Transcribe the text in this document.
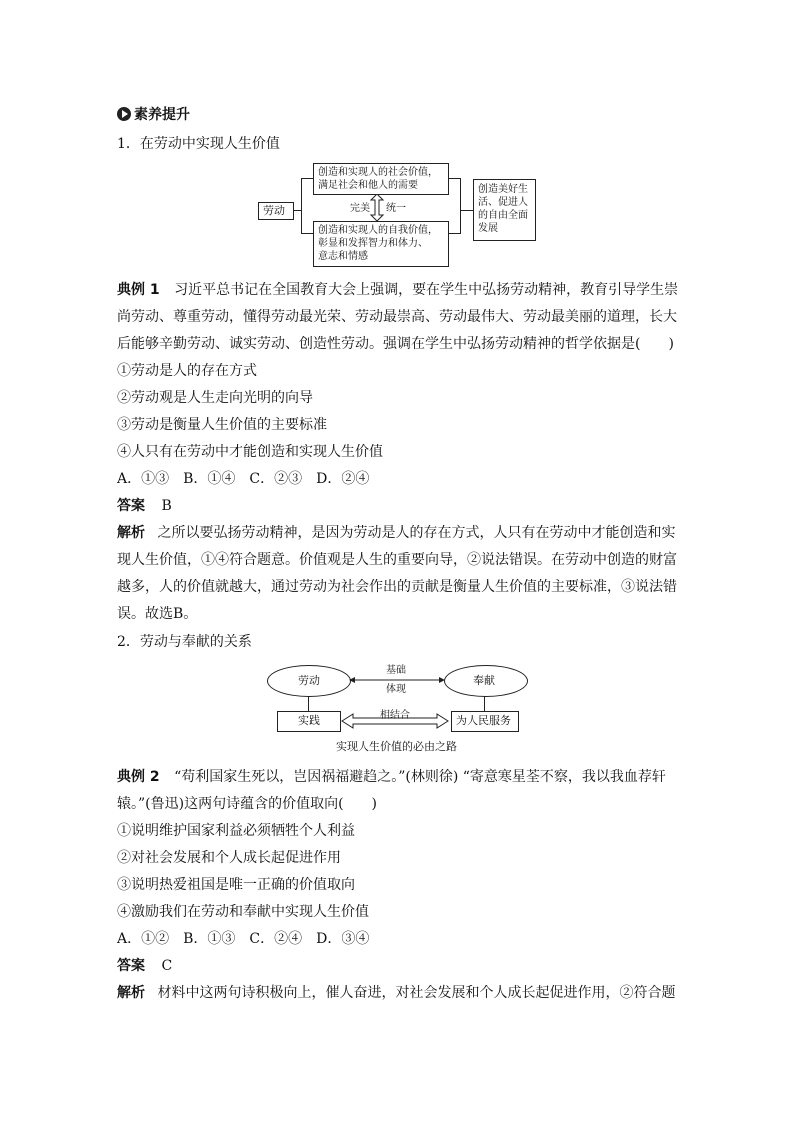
素养提升
1．在劳动中实现人生价值
劳动
创造和实现人的社会价值，
满足社会和他人的需要
创造和实现人的自我价值，
彰显和发挥智力和体力、
意志和情感
完美 统一
创造美好生
活、促进人
的自由全面
发展
典例 1 习近平总书记在全国教育大会上强调，要在学生中弘扬劳动精神，教育引导学生崇
尚劳动、尊重劳动，懂得劳动最光荣、劳动最崇高、劳动最伟大、劳动最美丽的道理，长大
后能够辛勤劳动、诚实劳动、创造性劳动。强调在学生中弘扬劳动精神的哲学依据是(　　)
①劳动是人的存在方式
②劳动观是人生走向光明的向导
③劳动是衡量人生价值的主要标准
④人只有在劳动中才能创造和实现人生价值
A．①③　B．①④　C．②③　D．②④
答案 B
解析 之所以要弘扬劳动精神，是因为劳动是人的存在方式，人只有在劳动中才能创造和实
现人生价值，①④符合题意。价值观是人生的重要向导，②说法错误。在劳动中创造的财富
越多，人的价值就越大，通过劳动为社会作出的贡献是衡量人生价值的主要标准，③说法错
误。故选B。
2．劳动与奉献的关系
劳动	奉献
基础
体现
实践	为人民服务
相结合
实现人生价值的必由之路
典例 2 “苟利国家生死以，岂因祸福避趋之。”(林则徐) “寄意寒星荃不察，我以我血荐轩
辕。”(鲁迅)这两句诗蕴含的价值取向(　　)
①说明维护国家利益必须牺牲个人利益
②对社会发展和个人成长起促进作用
③说明热爱祖国是唯一正确的价值取向
④激励我们在劳动和奉献中实现人生价值
A．①②　B．①③　C．②④　D．③④
答案 C
解析 材料中这两句诗积极向上，催人奋进，对社会发展和个人成长起促进作用，②符合题
